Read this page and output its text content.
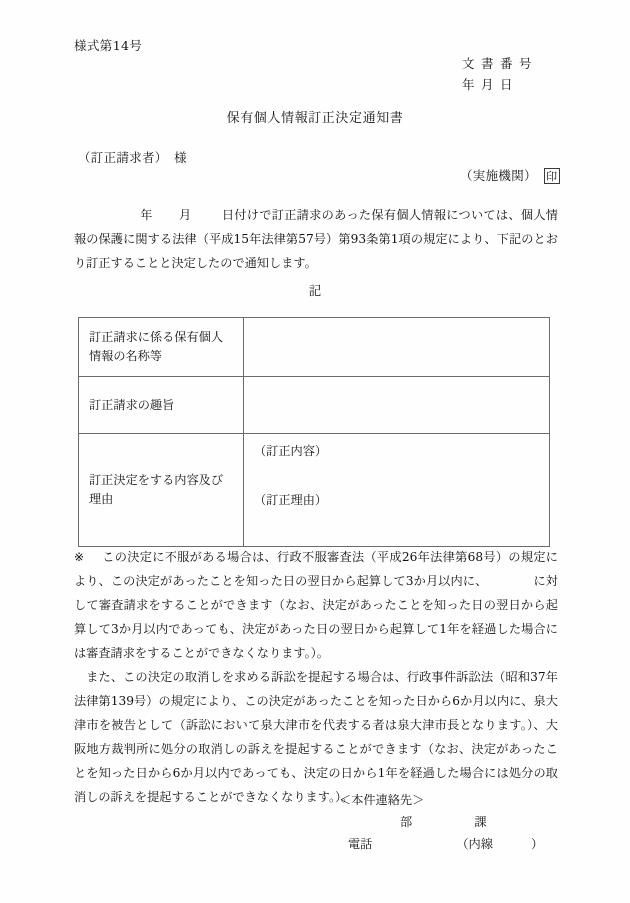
様式第14号
文書番号
年月日
保有個人情報訂正決定通知書
（訂正請求者）　様
（実施機関） 印
年 月 日付けで訂正請求のあった保有個人情報については、個人情報の保護に関する法律（平成15年法律第57号）第93条第1項の規定により、下記のとおり訂正することと決定したので通知します。
記
訂正請求に係る保有個人情報の名称等	
訂正請求の趣旨	
訂正決定をする内容及び理由	（訂正内容）
（訂正理由）
※ この決定に不服がある場合は、行政不服審査法（平成26年法律第68号）の規定により、この決定があったことを知った日の翌日から起算して3か月以内に、	に対して審査請求をすることができます（なお、決定があったことを知った日の翌日から起算して3か月以内であっても、決定があった日の翌日から起算して1年を経過した場合には審査請求をすることができなくなります。）。
また、この決定の取消しを求める訴訟を提起する場合は、行政事件訴訟法（昭和37年法律第139号）の規定により、この決定があったことを知った日から6か月以内に、泉大津市を被告として（訴訟において泉大津市を代表する者は泉大津市長となります。）、大阪地方裁判所に処分の取消しの訴えを提起することができます（なお、決定があったことを知った日から6か月以内であっても、決定の日から1年を経過した場合には処分の取消しの訴えを提起することができなくなります。）。
＜本件連絡先＞
部	課
電話	（内線	）
